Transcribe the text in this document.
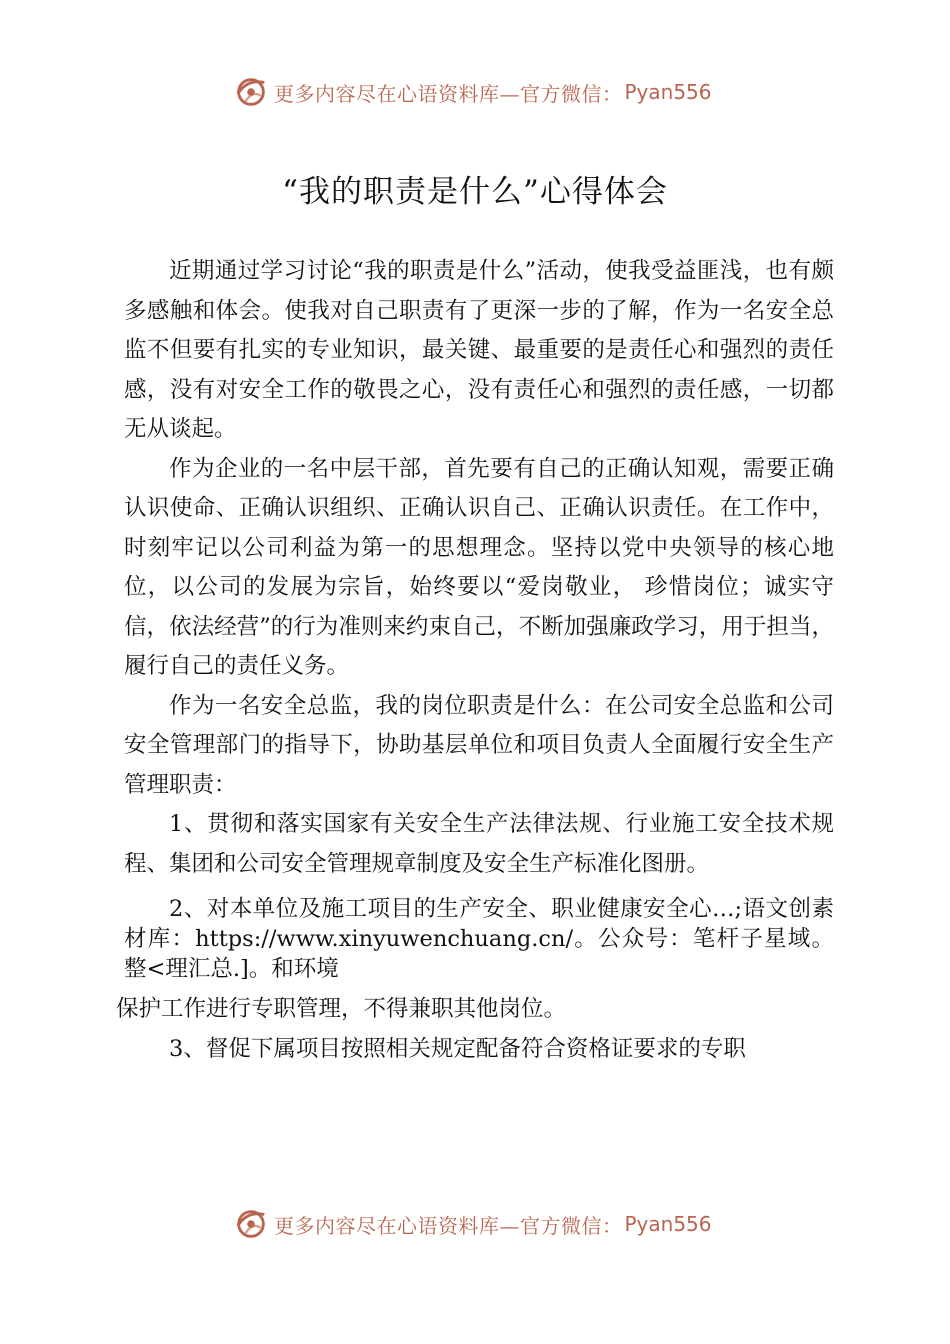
更多内容尽在心语资料库—官方微信： Pyan556
“我的职责是什么”心得体会

近期通过学习讨论“我的职责是什么”活动，使我受益匪浅，也有颇多感触和体会。使我对自己职责有了更深一步的了解，作为一名安全总监不但要有扎实的专业知识，最关键、最重要的是责任心和强烈的责任感，没有对安全工作的敬畏之心，没有责任心和强烈的责任感，一切都无从谈起。

作为企业的一名中层干部，首先要有自己的正确认知观，需要正确认识使命、正确认识组织、正确认识自己、正确认识责任。在工作中，时刻牢记以公司利益为第一的思想理念。坚持以党中央领导的核心地位，以公司的发展为宗旨，始终要以“爱岗敬业， 珍惜岗位；诚实守信，依法经营”的行为准则来约束自己，不断加强廉政学习，用于担当，履行自己的责任义务。

作为一名安全总监，我的岗位职责是什么：在公司安全总监和公司安全管理部门的指导下，协助基层单位和项目负责人全面履行安全生产管理职责：

1、贯彻和落实国家有关安全生产法律法规、行业施工安全技术规程、集团和公司安全管理规章制度及安全生产标准化图册。

2、对本单位及施工项目的生产安全、职业健康安全心…;语文创素材库：https://www.xinyuwenchuang.cn/。公众号：笔杆子星域。整<理汇总.]。和环境

保护工作进行专职管理，不得兼职其他岗位。

3、督促下属项目按照相关规定配备符合资格证要求的专职

更多内容尽在心语资料库—官方微信： Pyan556
